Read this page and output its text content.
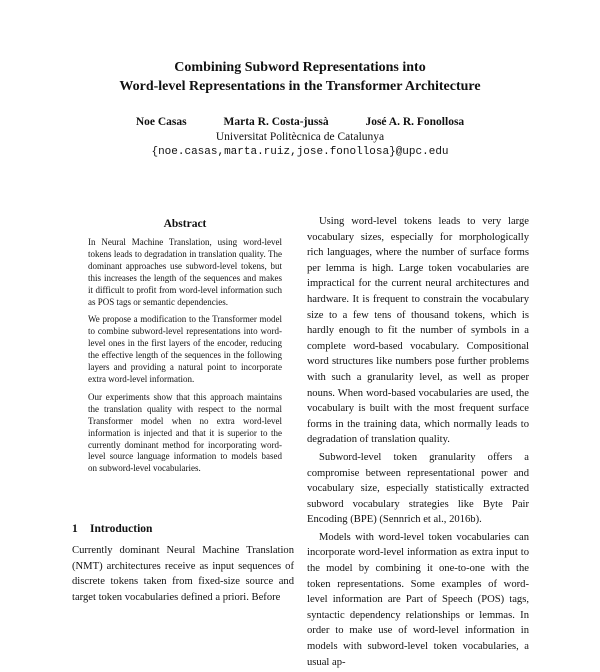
Combining Subword Representations into
Word-level Representations in the Transformer Architecture
Noe Casas	Marta R. Costa-jussà	José A. R. Fonollosa
Universitat Politècnica de Catalunya
{noe.casas,marta.ruiz,jose.fonollosa}@upc.edu
Abstract

In Neural Machine Translation, using word-level tokens leads to degradation in translation quality. The dominant approaches use subword-level tokens, but this increases the length of the sequences and makes it difficult to profit from word-level information such as POS tags or semantic dependencies.

We propose a modification to the Transformer model to combine subword-level representations into word-level ones in the first layers of the encoder, reducing the effective length of the sequences in the following layers and providing a natural point to incorporate extra word-level information.

Our experiments show that this approach maintains the translation quality with respect to the normal Transformer model when no extra word-level information is injected and that it is superior to the currently dominant method for incorporating word-level source language information to models based on subword-level vocabularies.

1 Introduction

Currently dominant Neural Machine Translation (NMT) architectures receive as input sequences of discrete tokens taken from fixed-size source and target token vocabularies defined a priori. Before

Using word-level tokens leads to very large vocabulary sizes, especially for morphologically rich languages, where the number of surface forms per lemma is high. Large token vocabularies are impractical for the current neural architectures and hardware. It is frequent to constrain the vocabulary size to a few tens of thousand tokens, which is hardly enough to fit the number of symbols in a complete word-based vocabulary. Compositional word structures like numbers pose further problems with such a granularity level, as well as proper nouns. When word-based vocabularies are used, the vocabulary is built with the most frequent surface forms in the training data, which normally leads to degradation of translation quality.

Subword-level token granularity offers a compromise between representational power and vocabulary size, especially statistically extracted subword vocabulary strategies like Byte Pair Encoding (BPE) (Sennrich et al., 2016b).

Models with word-level token vocabularies can incorporate word-level information as extra input to the model by combining it one-to-one with the token representations. Some examples of word-level information are Part of Speech (POS) tags, syntactic dependency relationships or lemmas. In order to make use of word-level information in models with subword-level token vocabularies, a usual ap-
